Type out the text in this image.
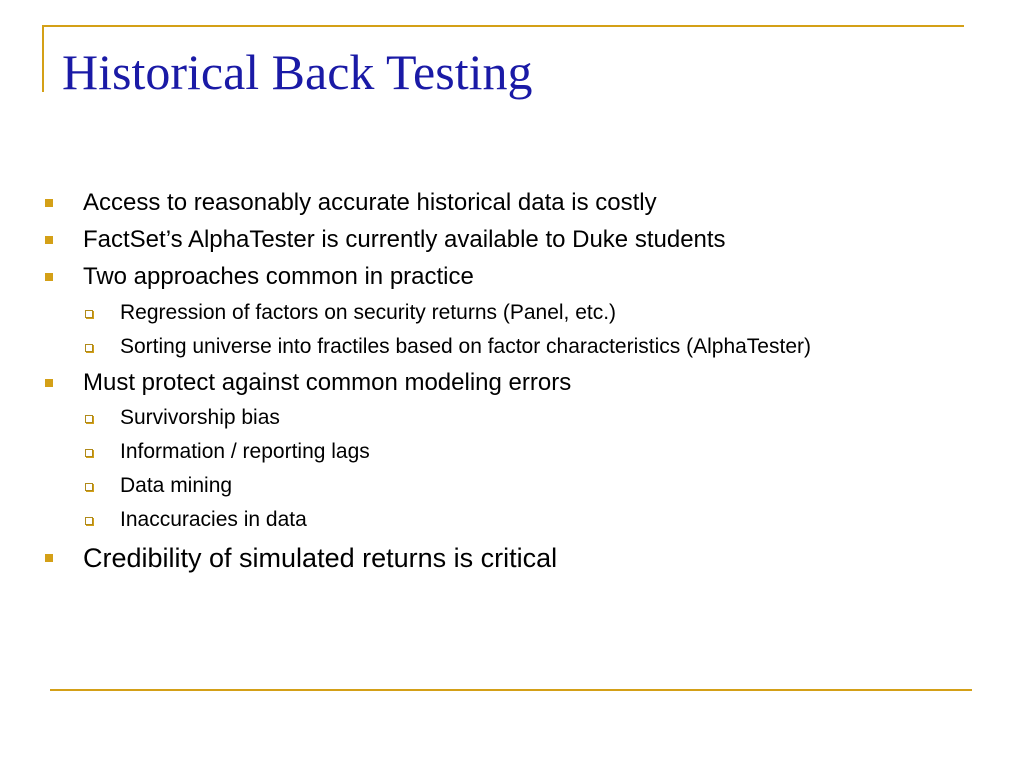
Historical Back Testing
Access to reasonably accurate historical data is costly
FactSet’s AlphaTester is currently available to Duke students
Two approaches common in practice
Regression of factors on security returns (Panel, etc.)
Sorting universe into fractiles based on factor characteristics (AlphaTester)
Must protect against common modeling errors
Survivorship bias
Information / reporting lags
Data mining
Inaccuracies in data
Credibility of simulated returns is critical
